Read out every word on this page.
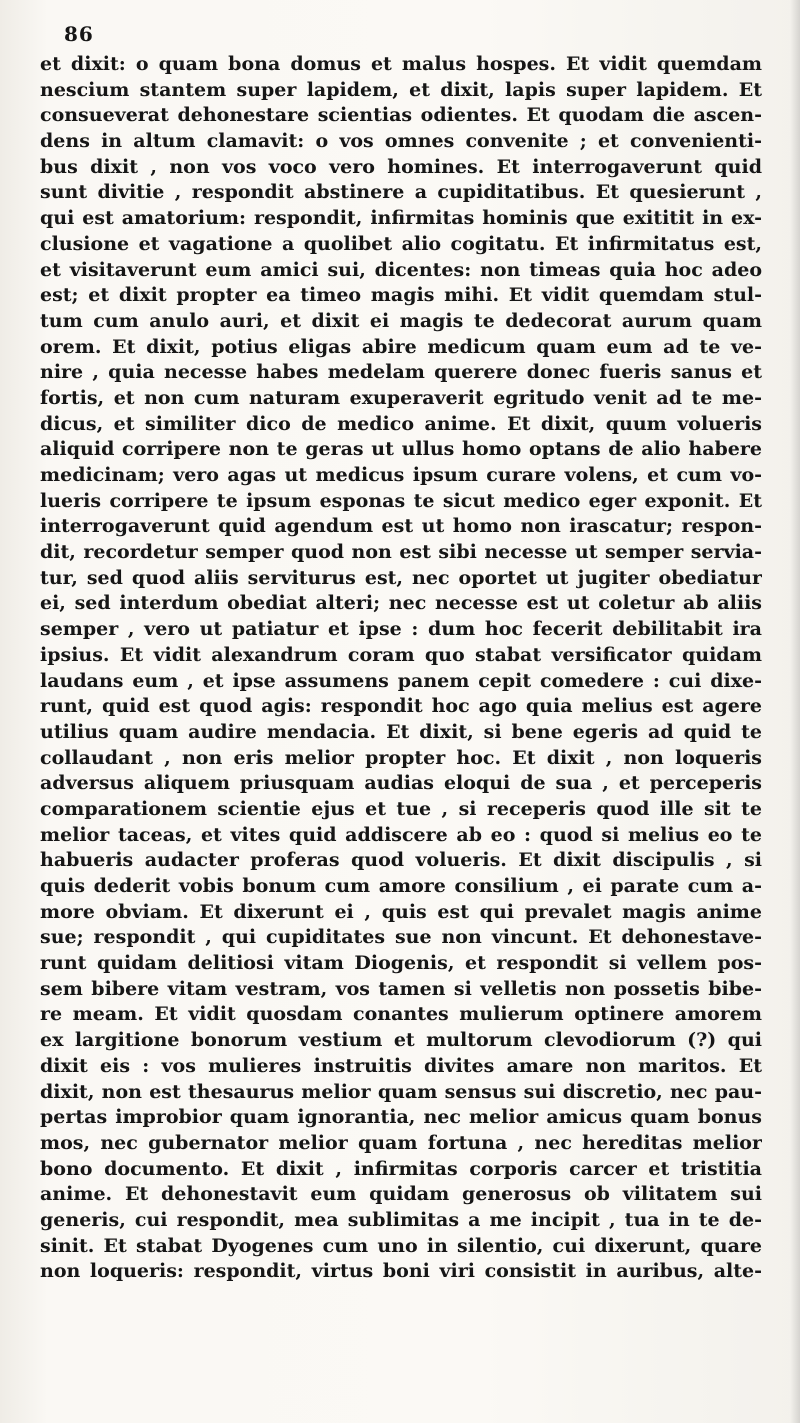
86
et dixit: o quam bona domus et malus hospes. Et vidit quemdam
nescium stantem super lapidem, et dixit, lapis super lapidem. Et
consueverat dehonestare scientias odientes. Et quodam die ascen-
dens in altum clamavit: o vos omnes convenite ; et convenienti-
bus dixit , non vos voco vero homines. Et interrogaverunt quid
sunt divitie , respondit abstinere a cupiditatibus. Et quesierunt ,
qui est amatorium: respondit, infirmitas hominis que exititit in ex-
clusione et vagatione a quolibet alio cogitatu. Et infirmitatus est,
et visitaverunt eum amici sui, dicentes: non timeas quia hoc adeo
est; et dixit propter ea timeo magis mihi. Et vidit quemdam stul-
tum cum anulo auri, et dixit ei magis te dedecorat aurum quam
orem. Et dixit, potius eligas abire medicum quam eum ad te ve-
nire , quia necesse habes medelam querere donec fueris sanus et
fortis, et non cum naturam exuperaverit egritudo venit ad te me-
dicus, et similiter dico de medico anime. Et dixit, quum volueris
aliquid corripere non te geras ut ullus homo optans de alio habere
medicinam; vero agas ut medicus ipsum curare volens, et cum vo-
lueris corripere te ipsum esponas te sicut medico eger exponit. Et
interrogaverunt quid agendum est ut homo non irascatur; respon-
dit, recordetur semper quod non est sibi necesse ut semper servia-
tur, sed quod aliis serviturus est, nec oportet ut jugiter obediatur
ei, sed interdum obediat alteri; nec necesse est ut coletur ab aliis
semper , vero ut patiatur et ipse : dum hoc fecerit debilitabit ira
ipsius. Et vidit alexandrum coram quo stabat versificator quidam
laudans eum , et ipse assumens panem cepit comedere : cui dixe-
runt, quid est quod agis: respondit hoc ago quia melius est agere
utilius quam audire mendacia. Et dixit, si bene egeris ad quid te
collaudant , non eris melior propter hoc. Et dixit , non loqueris
adversus aliquem priusquam audias eloqui de sua , et perceperis
comparationem scientie ejus et tue , si receperis quod ille sit te
melior taceas, et vites quid addiscere ab eo : quod si melius eo te
habueris audacter proferas quod volueris. Et dixit discipulis , si
quis dederit vobis bonum cum amore consilium , ei parate cum a-
more obviam. Et dixerunt ei , quis est qui prevalet magis anime
sue; respondit , qui cupiditates sue non vincunt. Et dehonestave-
runt quidam delitiosi vitam Diogenis, et respondit si vellem pos-
sem bibere vitam vestram, vos tamen si velletis non possetis bibe-
re meam. Et vidit quosdam conantes mulierum optinere amorem
ex largitione bonorum vestium et multorum clevodiorum (?) qui
dixit eis : vos mulieres instruitis divites amare non maritos. Et
dixit, non est thesaurus melior quam sensus sui discretio, nec pau-
pertas improbior quam ignorantia, nec melior amicus quam bonus
mos, nec gubernator melior quam fortuna , nec hereditas melior
bono documento. Et dixit , infirmitas corporis carcer et tristitia
anime. Et dehonestavit eum quidam generosus ob vilitatem sui
generis, cui respondit, mea sublimitas a me incipit , tua in te de-
sinit. Et stabat Dyogenes cum uno in silentio, cui dixerunt, quare
non loqueris: respondit, virtus boni viri consistit in auribus, alte-
